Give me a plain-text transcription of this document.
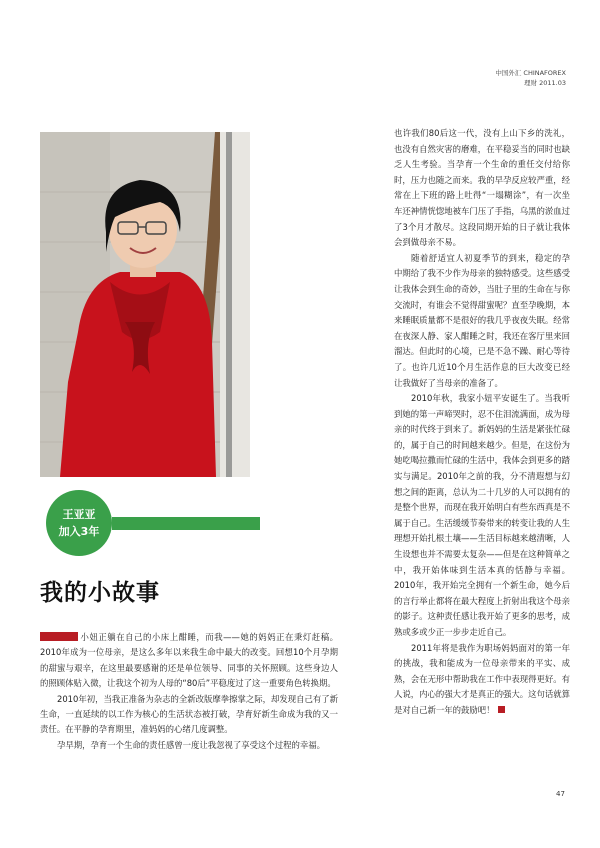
中国外汇 CHINAFOREX
理财 2011.03
王亚亚
加入3年
我的小故事

小妞正躺在自己的小床上酣睡，而我——她的妈妈正在秉灯赶稿。2010年成为一位母亲，是这么多年以来我生命中最大的改变。回想10个月孕期的甜蜜与艰辛，在这里最要感谢的还是单位领导、同事的关怀照顾。这些身边人的照顾体贴入微，让我这个初为人母的“80后”平稳度过了这一重要角色转换期。

2010年初，当我正准备为杂志的全新改版摩拳擦掌之际，却发现自己有了新生命，一直延续的以工作为核心的生活状态被打破，孕育好新生命成为我的又一责任。在平静的孕育期里，准妈妈的心绪几度调整。

孕早期，孕育一个生命的责任感曾一度让我忽视了享受这个过程的幸福。

也许我们80后这一代，没有上山下乡的洗礼，也没有自然灾害的磨难，在平稳妥当的同时也缺乏人生考验。当孕育一个生命的重任交付给你时，压力也随之而来。我的早孕反应较严重，经常在上下班的路上吐得“一塌糊涂”，有一次坐车还神情恍惚地被车门压了手指，乌黑的淤血过了3个月才散尽。这段同期开始的日子就让我体会到做母亲不易。

随着舒适宜人初夏季节的到来，稳定的孕中期给了我不少作为母亲的独特感受。这些感受让我体会到生命的奇妙，当肚子里的生命在与你交流时，有谁会不觉得甜蜜呢？直至孕晚期，本来睡眠质量都不是很好的我几乎夜夜失眠。经常在夜深人静、家人酣睡之时，我还在客厅里来回溜达。但此时的心境，已是不急不躁、耐心等待了。也许几近10个月生活作息的巨大改变已经让我做好了当母亲的准备了。

2010年秋，我家小妞平安诞生了。当我听到她的第一声啼哭时，忍不住泪流满面，成为母亲的时代终于到来了。新妈妈的生活是紧张忙碌的，属于自己的时间越来越少。但是，在这份为她吃喝拉撒而忙碌的生活中，我体会到更多的踏实与满足。2010年之前的我，分不清遐想与幻想之间的距离，总认为二十几岁的人可以拥有的是整个世界，而现在我开始明白有些东西真是不属于自己。生活缓缓节奏带来的转变让我的人生理想开始扎根土壤——生活目标越来越清晰，人生设想也并不需要太复杂——但是在这种简单之中，我开始体味到生活本真的恬静与幸福。2010年，我开始完全拥有一个新生命，她今后的言行举止都将在最大程度上折射出我这个母亲的影子。这种责任感让我开始了更多的思考，成熟或多或少正一步步走近自己。

2011年将是我作为职场妈妈面对的第一年的挑战，我和能成为一位母亲带来的平实、成熟，会在无形中帮助我在工作中表现得更好。有人说，内心的强大才是真正的强大。这句话就算是对自己新一年的鼓励吧！

47
